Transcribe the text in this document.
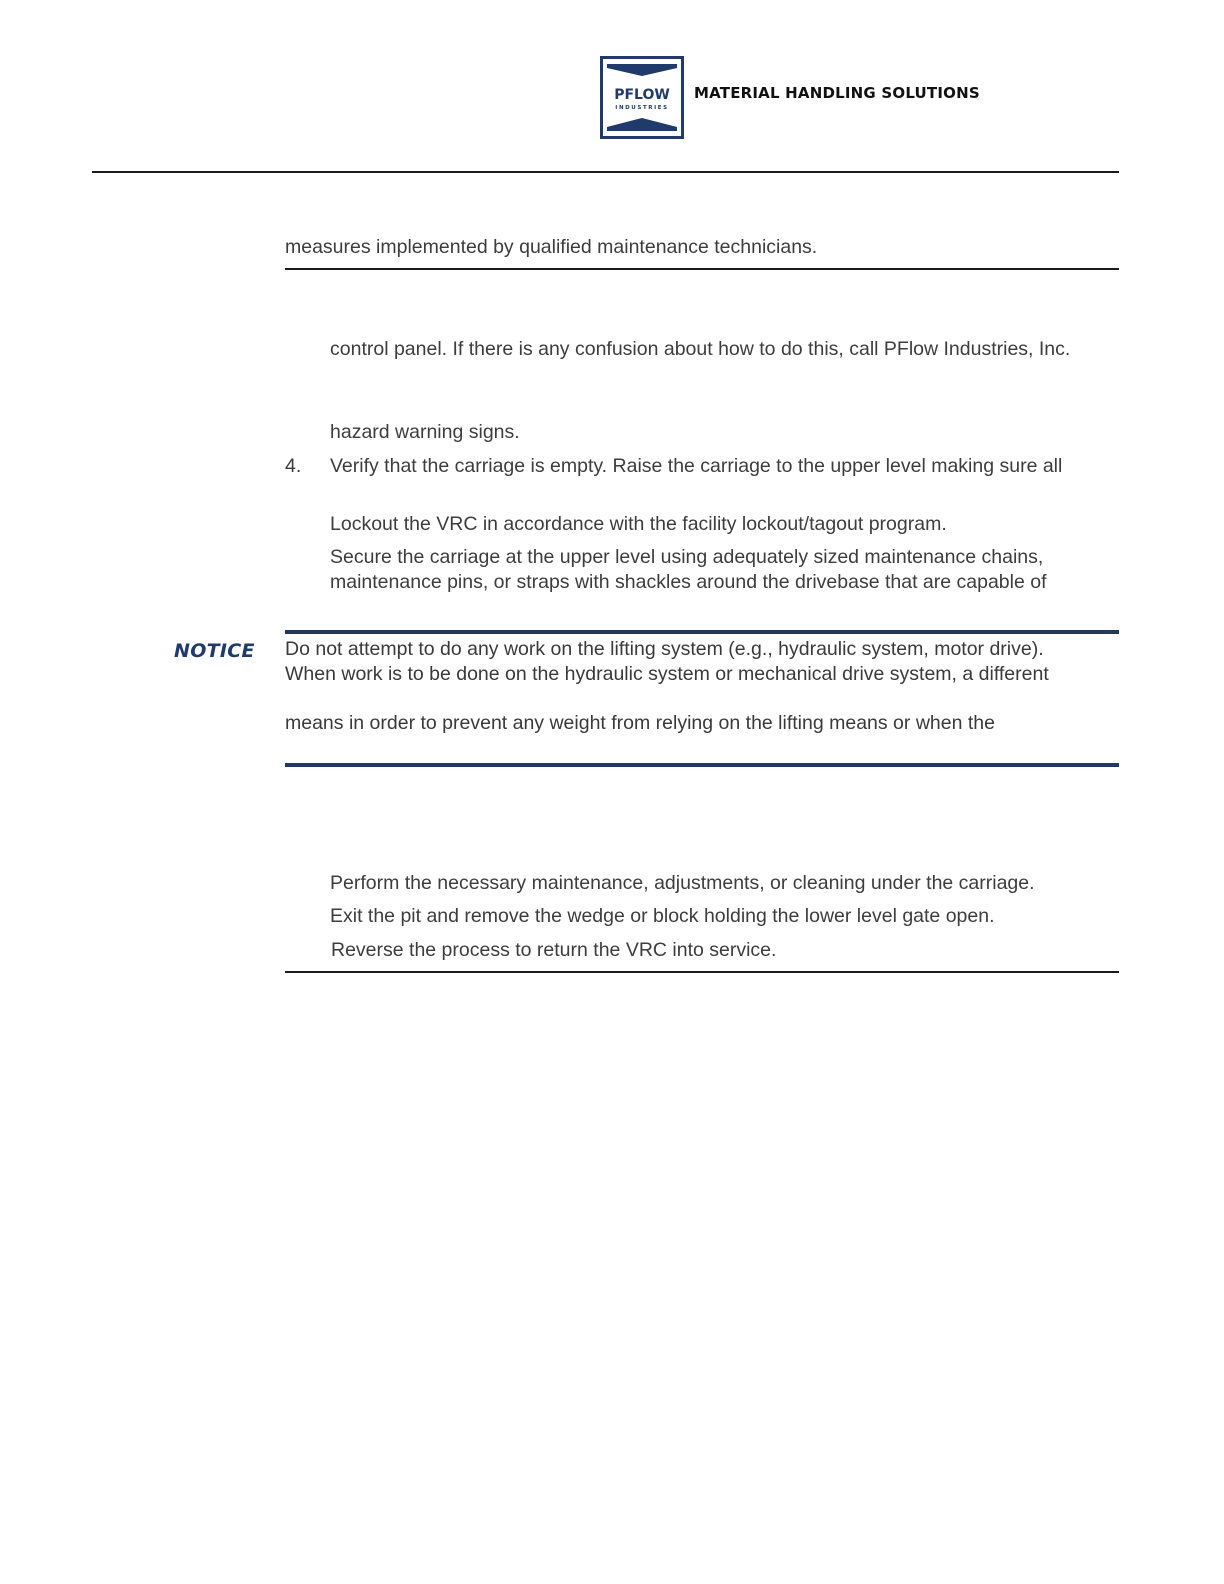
PFLOW
INDUSTRIES
MATERIAL HANDLING SOLUTIONS
measures implemented by qualified maintenance technicians.
control panel. If there is any confusion about how to do this, call PFlow Industries, Inc.
hazard warning signs.
4. Verify that the carriage is empty. Raise the carriage to the upper level making sure all
Lockout the VRC in accordance with the facility lockout/tagout program.
Secure the carriage at the upper level using adequately sized maintenance chains,
maintenance pins, or straps with shackles around the drivebase that are capable of
NOTICE Do not attempt to do any work on the lifting system (e.g., hydraulic system, motor drive).
When work is to be done on the hydraulic system or mechanical drive system, a different
means in order to prevent any weight from relying on the lifting means or when the
Perform the necessary maintenance, adjustments, or cleaning under the carriage.
Exit the pit and remove the wedge or block holding the lower level gate open.
Reverse the process to return the VRC into service.
